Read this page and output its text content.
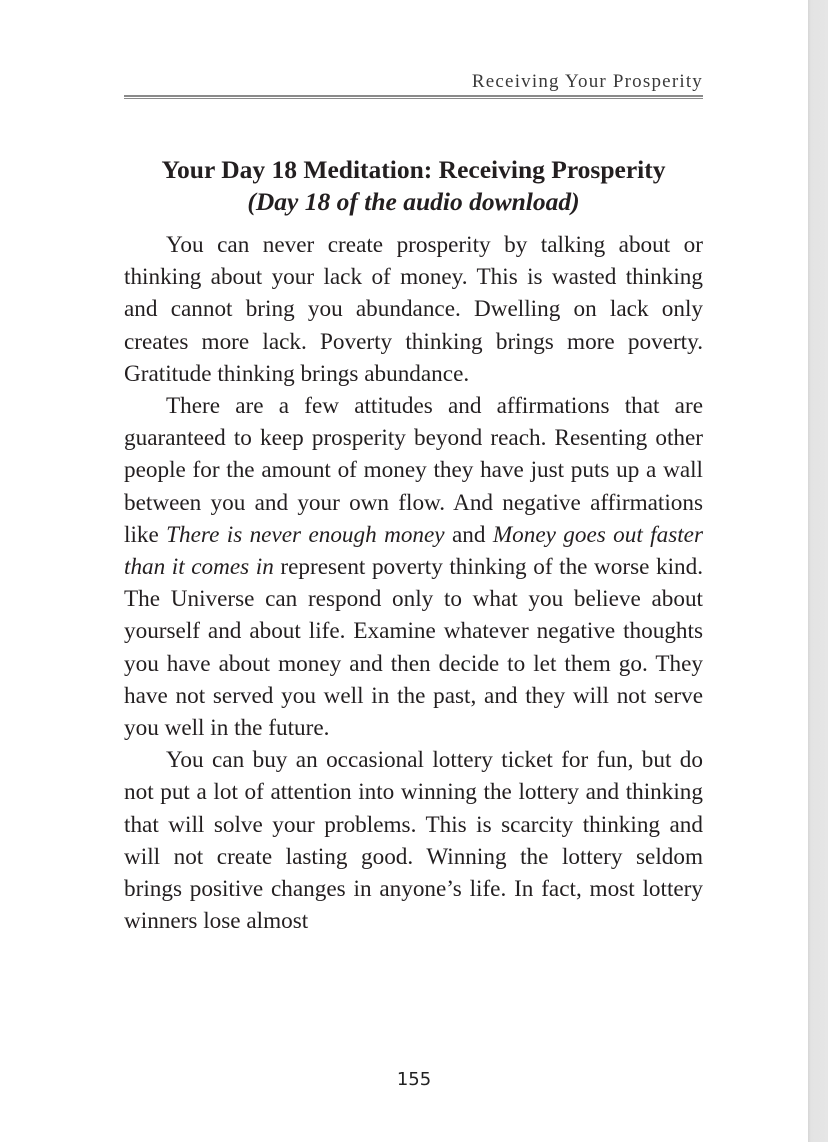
Receiving Your Prosperity
Your Day 18 Meditation: Receiving Prosperity
(Day 18 of the audio download)

You can never create prosperity by talking about or thinking about your lack of money. This is wasted thinking and cannot bring you abundance. Dwelling on lack only creates more lack. Poverty thinking brings more poverty. Gratitude thinking brings abundance.

There are a few attitudes and affirmations that are guaranteed to keep prosperity beyond reach. Resenting other people for the amount of money they have just puts up a wall between you and your own flow. And negative affirmations like There is never enough money and Money goes out faster than it comes in represent poverty thinking of the worse kind. The Universe can respond only to what you believe about yourself and about life. Examine whatever negative thoughts you have about money and then decide to let them go. They have not served you well in the past, and they will not serve you well in the future.

You can buy an occasional lottery ticket for fun, but do not put a lot of attention into winning the lottery and thinking that will solve your problems. This is scarcity thinking and will not create lasting good. Winning the lottery seldom brings positive changes in anyone’s life. In fact, most lottery winners lose almost

155
